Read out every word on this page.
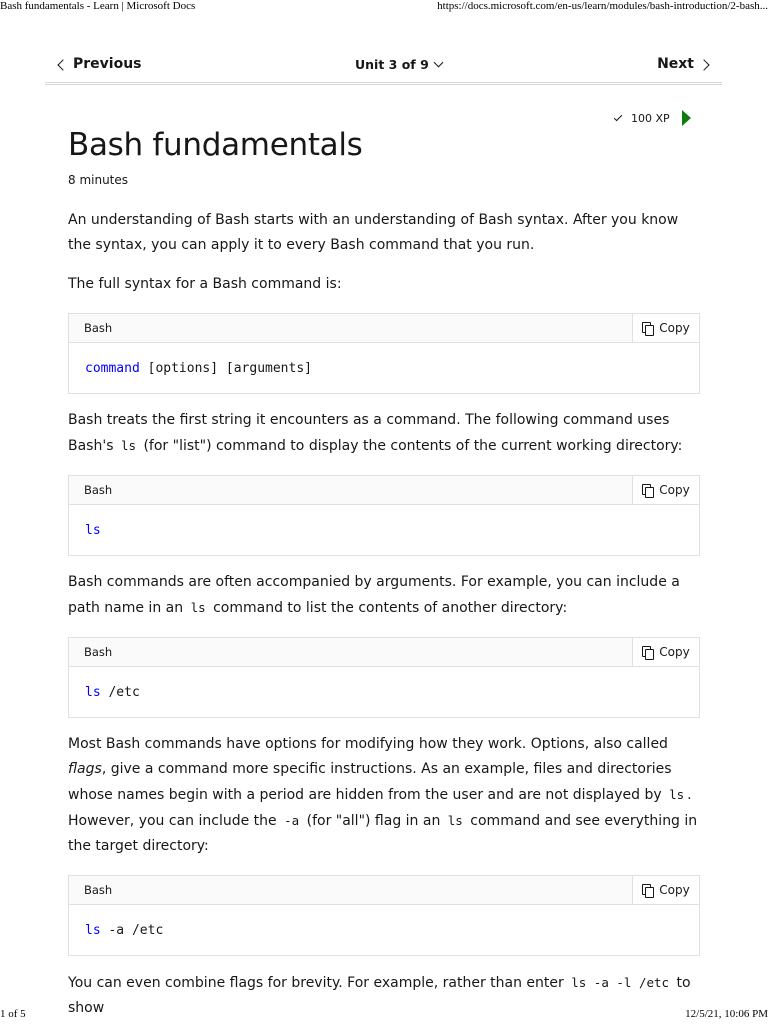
Bash fundamentals - Learn | Microsoft Docs	https://docs.microsoft.com/en-us/learn/modules/bash-introduction/2-bash...
Previous	Unit 3 of 9	Next
100 XP
Bash fundamentals
8 minutes

An understanding of Bash starts with an understanding of Bash syntax. After you know the syntax, you can apply it to every Bash command that you run.

The full syntax for a Bash command is:

Bash	Copy
command [options] [arguments]

Bash treats the first string it encounters as a command. The following command uses Bash's ls (for "list") command to display the contents of the current working directory:

Bash	Copy
ls

Bash commands are often accompanied by arguments. For example, you can include a path name in an ls command to list the contents of another directory:

Bash	Copy
ls /etc

Most Bash commands have options for modifying how they work. Options, also called flags, give a command more specific instructions. As an example, files and directories whose names begin with a period are hidden from the user and are not displayed by ls . However, you can include the -a (for "all") flag in an ls command and see everything in the target directory:

Bash	Copy
ls -a /etc

You can even combine flags for brevity. For example, rather than enter ls -a -l /etc to show

1 of 5	12/5/21, 10:06 PM
